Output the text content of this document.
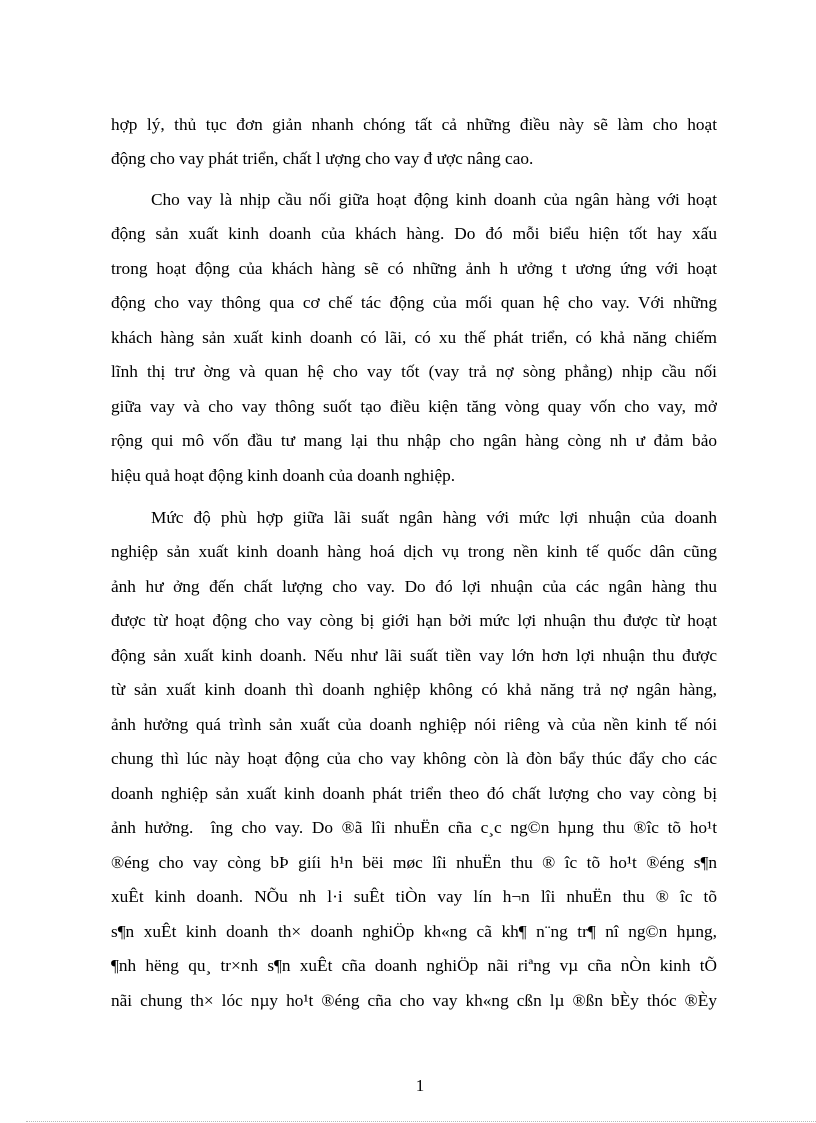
hợp lý, thủ tục đơn giản nhanh chóng tất cả những điều này sẽ làm cho hoạt
động cho vay phát triển, chất l ượng cho vay đ ược nâng cao.
Cho vay là nhịp cầu nối giữa hoạt động kinh doanh của ngân hàng với hoạt
động sản xuất kinh doanh của khách hàng. Do đó mỗi biểu hiện tốt hay xấu
trong hoạt động của khách hàng sẽ có những ảnh h ưởng t ương ứng với hoạt
động cho vay thông qua cơ chế tác động của mối quan hệ cho vay. Với những
khách hàng sản xuất kinh doanh có lãi, có xu thế phát triển, có khả năng chiếm
lĩnh thị trư ờng và quan hệ cho vay tốt (vay trả nợ sòng phẳng) nhịp cầu nối
giữa vay và cho vay thông suốt tạo điều kiện tăng vòng quay vốn cho vay, mở
rộng qui mô vốn đầu tư mang lại thu nhập cho ngân hàng còng nh ư đảm bảo
hiệu quả hoạt động kinh doanh của doanh nghiệp.
Mức độ phù hợp giữa lãi suất ngân hàng với mức lợi nhuận của doanh
nghiệp sản xuất kinh doanh hàng hoá dịch vụ trong nền kinh tế quốc dân cũng
ảnh hư ởng đến chất lượng cho vay. Do đó lợi nhuận của các ngân hàng thu
được từ hoạt động cho vay còng bị giới hạn bởi mức lợi nhuận thu được từ hoạt
động sản xuất kinh doanh. Nếu như lãi suất tiền vay lớn hơn lợi nhuận thu được
từ sản xuất kinh doanh thì doanh nghiệp không có khả năng trả nợ ngân hàng,
ảnh hưởng quá trình sản xuất của doanh nghiệp nói riêng và của nền kinh tế nói
chung thì lúc này hoạt động của cho vay không còn là đòn bẩy thúc đẩy cho các
doanh nghiệp sản xuất kinh doanh phát triển theo đó chất lượng cho vay còng bị
ảnh hưởng. îng cho vay. Do ®ã lîi nhuËn cña c¸c ng©n hµng thu ®îc tõ ho¹t
®éng cho vay còng bÞ giíi h¹n bëi møc lîi nhuËn thu ® îc tõ ho¹t ®éng s¶n
xuÊt kinh doanh. NÕu nh l·i suÊt tiÒn vay lín h¬n lîi nhuËn thu ® îc tõ
s¶n xuÊt kinh doanh th× doanh nghiÖp kh«ng cã kh¶ n¨ng tr¶ nî ng©n hµng,
¶nh hëng qu¸ tr×nh s¶n xuÊt cña doanh nghiÖp nãi riªng vµ cña nÒn kinh tÕ
nãi chung th× lóc nµy ho¹t ®éng cña cho vay kh«ng cßn lµ ®ßn bÈy thóc ®Èy
1
